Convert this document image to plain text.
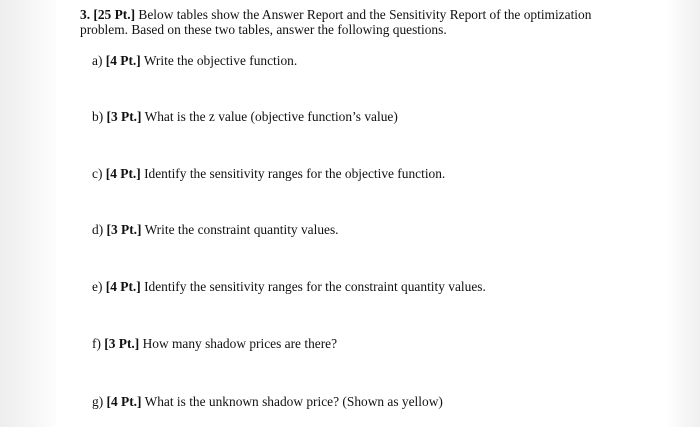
3. [25 Pt.] Below tables show the Answer Report and the Sensitivity Report of the optimization
problem. Based on these two tables, answer the following questions.
a) [4 Pt.] Write the objective function.
b) [3 Pt.] What is the z value (objective function’s value)
c) [4 Pt.] Identify the sensitivity ranges for the objective function.
d) [3 Pt.] Write the constraint quantity values.
e) [4 Pt.] Identify the sensitivity ranges for the constraint quantity values.
f) [3 Pt.] How many shadow prices are there?
g) [4 Pt.] What is the unknown shadow price? (Shown as yellow)
